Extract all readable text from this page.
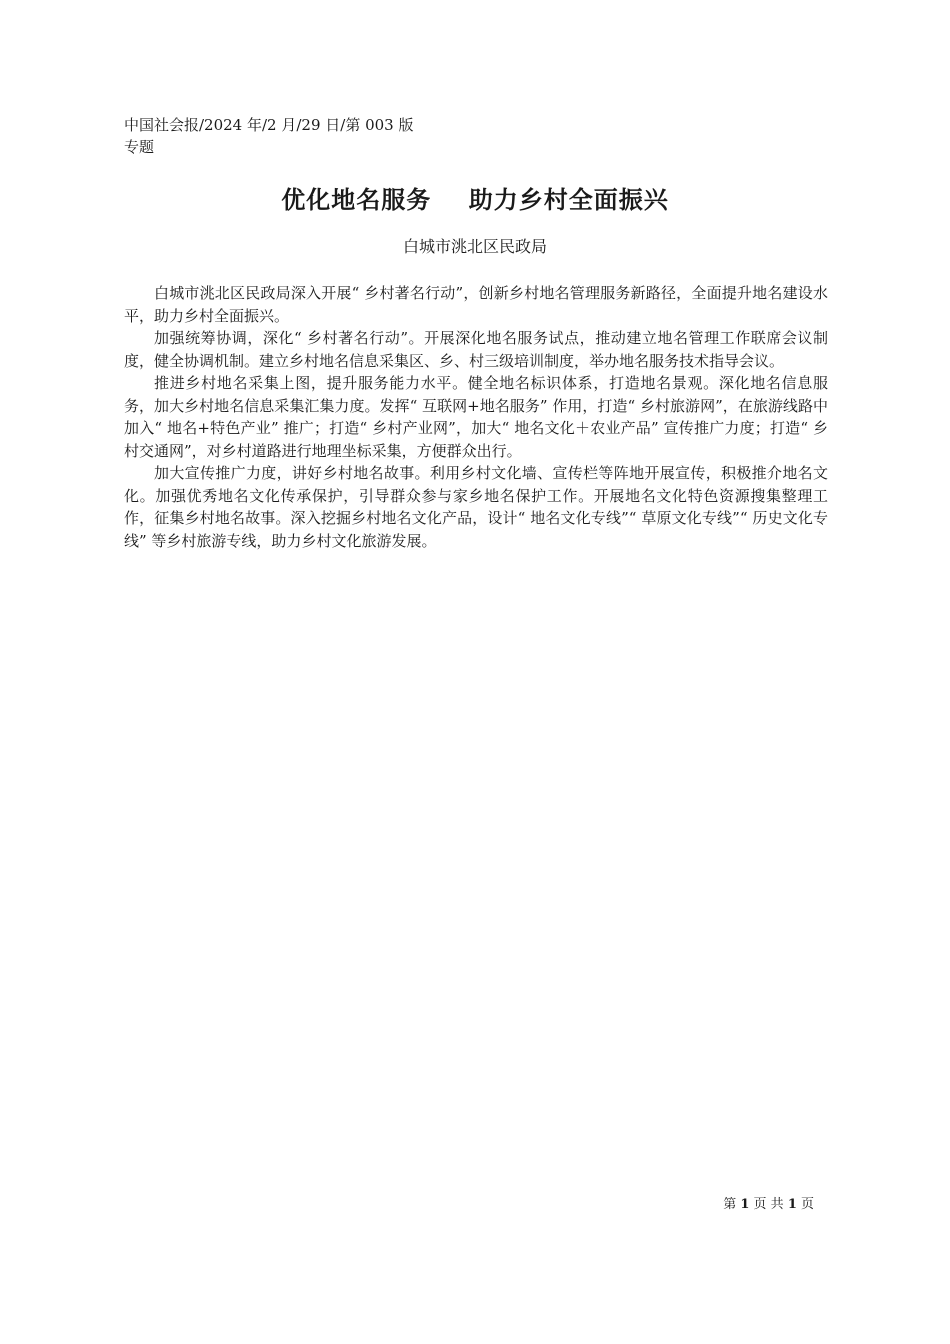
中国社会报/2024 年/2 月/29 日/第 003 版专题
优化地名服务    助力乡村全面振兴
白城市洮北区民政局

白城市洮北区民政局深入开展“ 乡村著名行动”，创新乡村地名管理服务新路径，全面提升地名建设水平，助力乡村全面振兴。

加强统筹协调，深化“ 乡村著名行动”。开展深化地名服务试点，推动建立地名管理工作联席会议制度，健全协调机制。建立乡村地名信息采集区、乡、村三级培训制度，举办地名服务技术指导会议。

推进乡村地名采集上图，提升服务能力水平。健全地名标识体系，打造地名景观。深化地名信息服务，加大乡村地名信息采集汇集力度。发挥“ 互联网+地名服务” 作用，打造“ 乡村旅游网”，在旅游线路中加入“ 地名+特色产业” 推广；打造“ 乡村产业网”，加大“ 地名文化＋农业产品” 宣传推广力度；打造“ 乡村交通网”，对乡村道路进行地理坐标采集，方便群众出行。

加大宣传推广力度，讲好乡村地名故事。利用乡村文化墙、宣传栏等阵地开展宣传，积极推介地名文化。加强优秀地名文化传承保护，引导群众参与家乡地名保护工作。开展地名文化特色资源搜集整理工作，征集乡村地名故事。深入挖掘乡村地名文化产品，设计“ 地名文化专线”“ 草原文化专线”“ 历史文化专线” 等乡村旅游专线，助力乡村文化旅游发展。

第 1 页 共 1 页
